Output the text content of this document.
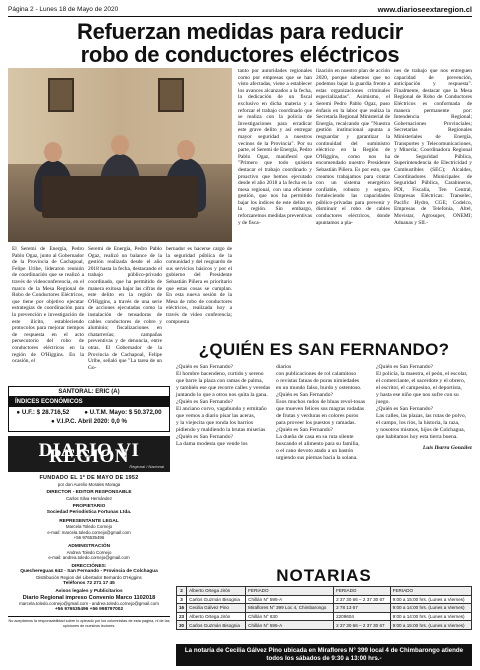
Página 2 - Lunes 18 de Mayo de 2020	www.diarioseextaregion.cl
Refuerzan medidas para reducir
robo de conductores eléctricos

El Seremi de Energía, Pedro Pablo Ogaz, junto al Gobernador de la Provincia de Cachapoal, Felipe Uribe, lideraron reunión de coordinación que se realizó a través de videoconferencia, en el marco de la Mesa Regional de Robo de Conductores Eléctricos, que tiene por objetivo ejecutar estrategias de coordinación para la prevención e investigación de este ilícito, estableciendo protocolos para mejorar tiempos de respuesta en el acto persecutorio del robo de conductores eléctricos en la región de O'Higgins. En la ocasión, el

Seremi de Energía, Pedro Pablo Ogaz, realizó un balance de la gestión realizada desde el año 2018 hasta la fecha, destacando el trabajo público-privado coordinado, que ha permitido de manera exitosa bajar las cifras de este delito en la región de O'Higgins, a través de una serie de acciones ejecutadas como la instalación de tensadoras de cables conductores de cobre y aluminio; fiscalizaciones en chatarrerías; campañas preventivas y de denuncia, entre otras. El Gobernador de la Provincia de Cachapoal, Felipe Uribe, señaló que "La tarea de un Go-

bernador es hacerse cargo de la seguridad pública de la comunidad y del resguardo de sus servicios básicos y por el gobierno del Presidente Sebastián Piñera es prioritario que estas cosas se cumplan. En esta nueva sesión de la Mesa de robo de conductores eléctricos, realizada hoy a través de video conferencia; compuesta

tanto por autoridades regionales como por empresas que se han visto afectadas, viene a establecer los avances alcanzados a la fecha, la dedicación de un fiscal exclusivo en dicha materia y a reforzar el trabajo coordinado que se realiza con la policía de Investigaciones para erradicar este grave delito y así entregar mayor seguridad a nuestros vecinos de la Provincia". Por su parte, el Seremi de Energía, Pedro Pablo Ogaz, manifestó que "Primero que todo quisiera destacar el trabajo coordinado y proactivo que hemos ejecutado desde el año 2018 a la fecha en la mesa regional, con una eficiente gestión, que nos ha permitido bajar los índices de este delito en la región. Sin embargo, reforzaremos medidas preventivas y de fisca-

lización en nuestro plan de acción 2020, porque sabemos que no podemos bajar la guardia frente a estas organizaciones criminales especializadas". Asimismo, el Seremi Pedro Pablo Ogaz, puso énfasis en la labor que realiza la Secretaría Regional Ministerial de Energía, recalcando que "Nuestra gestión institucional apunta a resguardar y garantizar la continuidad del suministro eléctrico en la Región de O'Higgins, como nos ha encomendado nuestro Presidente Sebastián Piñera. Es por esto, que creamos trabajamos para contar con un sistema energético confiable, robusto y seguro, fortaleciendo las capacidades público-privadas para prevenir y disminuir el robo de cables conductores eléctricos, donde apuntamos a pla-

nes de trabajo que nos entreguen capacidad de prevención, anticipación y respuesta". Finalmente, destacar que la Mesa Regional de Robo de Conductores Eléctricos es conformada de manera permanente por: Intendencia Regional; Gobernaciones Provinciales; Secretarías Regionales Ministeriales de Energía, Transportes y Telecomunicaciones, y Minería; Coordinadora Regional de Seguridad Pública, Superintendencia de Electricidad y Combustibles (SEC); Alcaldes, Coordinadores Municipales de Seguridad Pública, Carabineros, PDI, Fiscalía, Ten Central, Empresas Eléctricas: Transelec, Pacific Hydro, CGE; Codelco, Empresas de Telefonía, Altel, Movistar, Agrosuper, ONEMI; Aduanas y SII.-

¿QUIÉN ES SAN FERNANDO?
SANTORAL: ERIC (A)
ÍNDICES ECONÓMICOS
● U.F.: $ 28.716,52 ● U.T.M. Mayo: $ 50.372,00
● V.I.P.C. Abril 2020: 0,0 %
DIARIO VI REGION Regional / Nacional
FUNDADO EL 1º DE MAYO DE 1952
por don Aurelio Morales Moraga
DIRECTOR - EDITOR RESPONSABLE
Carlos Silva Hernández
PROPIETARIO
Sociedad Periodística Fortunas Ltda.
REPRESENTANTE LEGAL
Marcela Toledo Cornejo
e-mail: marcela.toledo.cornejo@gmail.com
+56 976535496
ADMINISTRACIÓN
Andrea Toledo Cornejo
e-mail: andrea.toledo.cornejo@gmail.com
DIRECCIÓNES:
Quechereguas 642 - San Fernando - Provincia de Colchagua
Distribución Region del Libertador Bernardo O'Higgins

Teléfonos 72 271 17 45
Avisos legales y Publicitarios
Diario Regional impreso Convenio Marco 1102018
marcela.toledo.cornejo@gmail.com - andrea.toledo.cornejo@gmail.com

+56 976535496 +56 998797002
No aceptamos la responsabilidad sobre lo opinado por los columnistas de esta pagina, ni de las opiniones de nuestros lectores.

¿Quién es San Fernando?

El hombre bacendeno, curtido y sereno

que barre la plaza con ramas de palma,

y también ese que recorre calles y veredas

juntando lo que a otros nos quita la gana.

¿Quién es San Fernando?

El anciano corvo, vagabundo y ermitaño

que vemos a diario pisar las aceras,

y la viejecita que ronda los barrios

pidiendo y maldiendo la brutas miserias

¿Quién es San Fernando?

La dama modesta que vende los

diarios

con publicaciones de rol calamitoso

o revistas fatuas de puras nimiedades

en un mundo falso, burdo y ostentoso.

¿Quién es San Fernando?

Esos muchos rudos de bluas revol-tosas

que mueven felices sus magras rodadas

de frutas y verduras en colores puros

para proveer los puestos y ramadas.

¿Quién es San Fernando?

La dueña de casa en su ruta silente

buscando el alimento para su familia,

o el cano devoto atado a un bastón

urgiendo sus piernas hacia la solana.

¿Quién es San Fernando?

El policía, la maestra, el peón, el escolar,

el comerciante, el sacerdote y el obrero,

el escritor, el campesino, el deportista,

y hasta ese niño que nos sufre con su juego.

¿Quién es San Fernando?

Las calles, las plazas, las rutas de polvo,

el campo, los ríos, la historia, la raza,

y nosotros mismos, hijos de Colchagua,

que habitamos hoy esta tierra buena.

Luis Ibarra González

NOTARIAS
2	Alberto Ortega Jirón	FERIADO	FERIADO	FERIADO
3	Carlos Guzmán Bisognia	Chillán N° 595-A	2 37 30 66 – 2 37 30 67	9:00 a 15:00 hrs. (Lunes a Viernes)
16	Cecilia Gálvez Pino	Miraflores N° 399 Loc 4, Chimbarongo	2 78 13 67	9:00 a 14:00 hrs. (Lunes a Viernes)
23	Alberto Ortega Jirón	Chillán N° 630	2209604	9:00 a 14:00 hrs. (Lunes a Viernes)
30	Carlos Guzmán Bisognia	Chillán N° 595-A	2 37 30 66 – 2 37 30 67	9:00 a 15:00 hrs. (Lunes a Viernes)
La notaría de Cecilia Gálvez Pino ubicada en Miraflores N° 399 local 4 de Chimbarongo atiende todos los sábados de 9:30 a 13:00 hrs.-
